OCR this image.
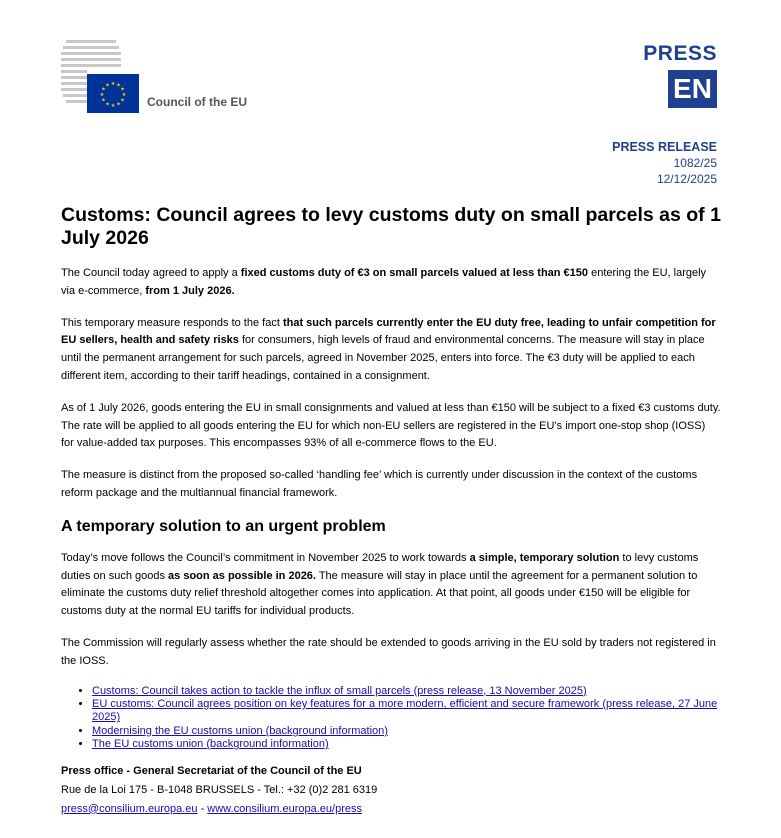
★ ★
★
★
★
★
★
★
★
★
★
★
Council of the EU
PRESS
EN
PRESS RELEASE
1082/25
12/12/2025
Customs: Council agrees to levy customs duty on small parcels as of 1 July 2026

The Council today agreed to apply a fixed customs duty of €3 on small parcels valued at less than €150 entering the EU, largely via e-commerce, from 1 July 2026.

This temporary measure responds to the fact that such parcels currently enter the EU duty free, leading to unfair competition for EU sellers, health and safety risks for consumers, high levels of fraud and environmental concerns. The measure will stay in place until the permanent arrangement for such parcels, agreed in November 2025, enters into force. The €3 duty will be applied to each different item, according to their tariff headings, contained in a consignment.

As of 1 July 2026, goods entering the EU in small consignments and valued at less than €150 will be subject to a fixed €3 customs duty. The rate will be applied to all goods entering the EU for which non-EU sellers are registered in the EU’s import one-stop shop (IOSS) for value-added tax purposes. This encompasses 93% of all e-commerce flows to the EU.

The measure is distinct from the proposed so-called ‘handling fee’ which is currently under discussion in the context of the customs reform package and the multiannual financial framework.

A temporary solution to an urgent problem

Today’s move follows the Council’s commitment in November 2025 to work towards a simple, temporary solution to levy customs duties on such goods as soon as possible in 2026. The measure will stay in place until the agreement for a permanent solution to eliminate the customs duty relief threshold altogether comes into application. At that point, all goods under €150 will be eligible for customs duty at the normal EU tariffs for individual products.

The Commission will regularly assess whether the rate should be extended to goods arriving in the EU sold by traders not registered in the IOSS.

• Customs: Council takes action to tackle the influx of small parcels (press release, 13 November 2025)
• EU customs: Council agrees position on key features for a more modern, efficient and secure framework (press release, 27 June 2025)
• Modernising the EU customs union (background information)
• The EU customs union (background information)
Press office - General Secretariat of the Council of the EU
Rue de la Loi 175 - B-1048 BRUSSELS - Tel.: +32 (0)2 281 6319
press@consilium.europa.eu - www.consilium.europa.eu/press
